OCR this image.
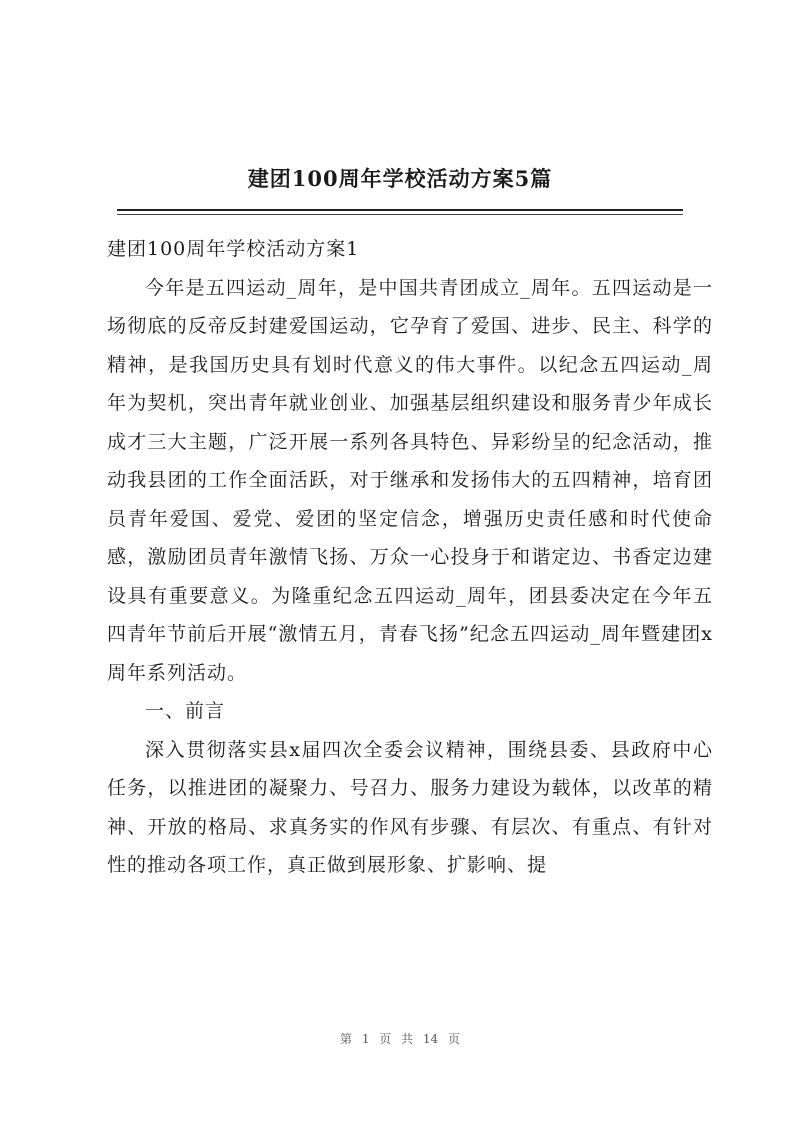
建团100周年学校活动方案5篇

建团100周年学校活动方案1

今年是五四运动_周年，是中国共青团成立_周年。五四运动是一场彻底的反帝反封建爱国运动，它孕育了爱国、进步、民主、科学的精神，是我国历史具有划时代意义的伟大事件。以纪念五四运动_周年为契机，突出青年就业创业、加强基层组织建设和服务青少年成长成才三大主题，广泛开展一系列各具特色、异彩纷呈的纪念活动，推动我县团的工作全面活跃，对于继承和发扬伟大的五四精神，培育团员青年爱国、爱党、爱团的坚定信念，增强历史责任感和时代使命感，激励团员青年激情飞扬、万众一心投身于和谐定边、书香定边建设具有重要意义。为隆重纪念五四运动_周年，团县委决定在今年五四青年节前后开展“激情五月，青春飞扬”纪念五四运动_周年暨建团x周年系列活动。

一、前言

深入贯彻落实县x届四次全委会议精神，围绕县委、县政府中心任务，以推进团的凝聚力、号召力、服务力建设为载体，以改革的精神、开放的格局、求真务实的作风有步骤、有层次、有重点、有针对性的推动各项工作，真正做到展形象、扩影响、提

第 1 页 共 14 页
